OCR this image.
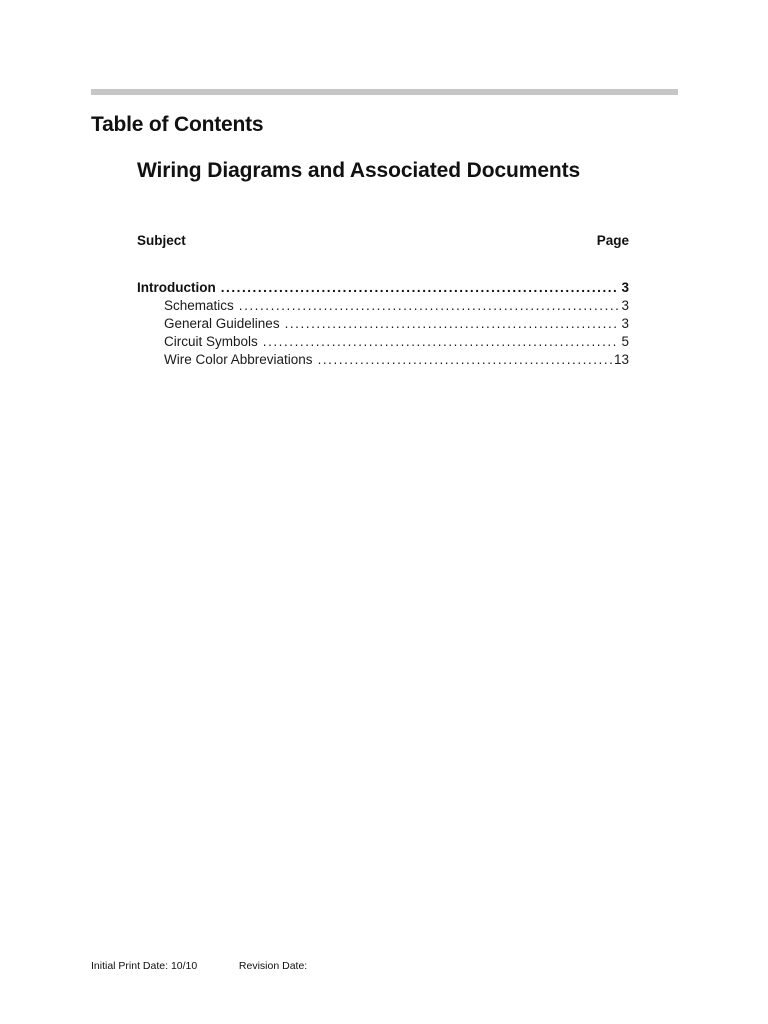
Table of Contents
Wiring Diagrams and Associated Documents
Subject	Page
Introduction . . .	3
Schematics . . .	3
General Guidelines . . .	3
Circuit Symbols . . .	5
Wire Color Abbreviations . . .	13
Initial Print Date: 10/10	Revision Date:
